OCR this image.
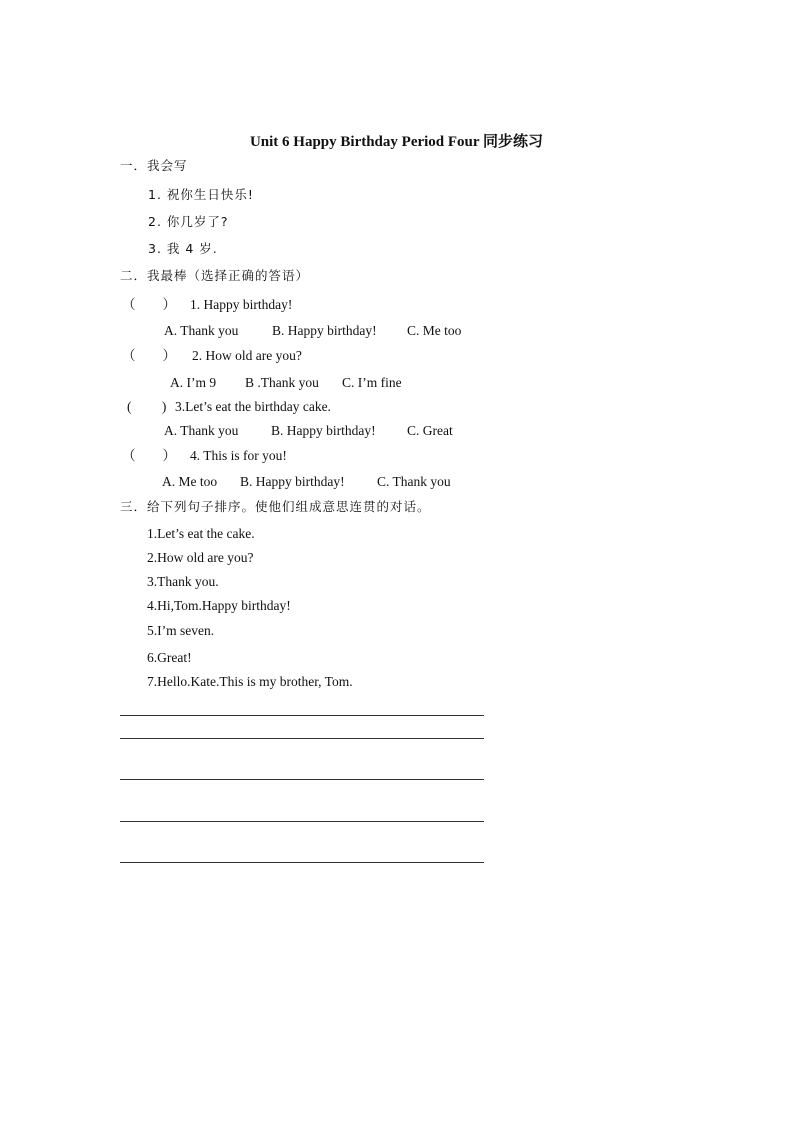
Unit 6 Happy Birthday Period Four 同步练习
一．我会写
1. 祝你生日快乐!
2. 你几岁了?
3. 我 4 岁.
二．我最棒（选择正确的答语）
（　　） 1. Happy birthday!
A. Thank you B. Happy birthday! C. Me too
（　　） 2. How old are you?
A. I’m 9 B .Thank you C. I’m fine
(　　 ) 3.Let’s eat the birthday cake.
A. Thank you B. Happy birthday! C. Great
（　　） 4. This is for you!
A. Me too B. Happy birthday! C. Thank you
三．给下列句子排序。使他们组成意思连贯的对话。
1.Let’s eat the cake.
2.How old are you?
3.Thank you.
4.Hi,Tom.Happy birthday!
5.I’m seven.
6.Great!
7.Hello.Kate.This is my brother, Tom.
